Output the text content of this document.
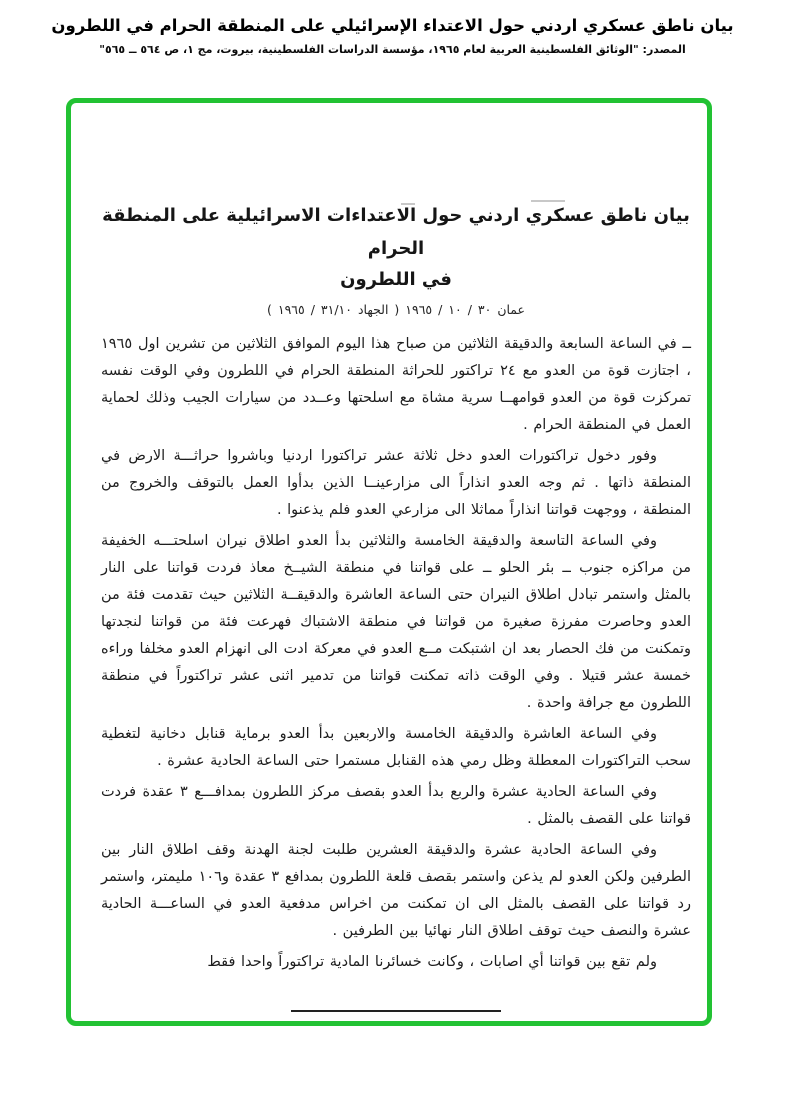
بيان ناطق عسكري اردني حول الاعتداء الإسرائيلي على المنطقة الحرام في اللطرون
المصدر: "الوثائق الفلسطينية العربية لعام ١٩٦٥، مؤسسة الدراسات الفلسطينية، بيروت، مج ١، ص ٥٦٤ ــ ٥٦٥"
بيان ناطق عسكري اردني حول الاعتداءات الاسرائيلية على المنطقة الحرام
في اللطرون
عمان ٣٠ / ١٠ / ١٩٦٥ ( الجهاد ٣١/١٠ / ١٩٦٥ )

ــ في الساعة السابعة والدقيقة الثلاثين من صباح هذا اليوم الموافق الثلاثين من تشرين اول ١٩٦٥ ، اجتازت قوة من العدو مع ٢٤ تراكتور للحراثة المنطقة الحرام في اللطرون وفي الوقت نفسه تمركزت قوة من العدو قوامهــا سرية مشاة مع اسلحتها وعــدد من سيارات الجيب وذلك لحماية العمل في المنطقة الحرام .

وفور دخول تراكتورات العدو دخل ثلاثة عشر تراكتورا اردنيا وباشروا حراثـــة الارض في المنطقة ذاتها . ثم وجه العدو انذاراً الى مزارعينــا الذين بدأوا العمل بالتوقف والخروج من المنطقة ، ووجهت قواتنا انذاراً مماثلا الى مزارعي العدو فلم يذعنوا .

وفي الساعة التاسعة والدقيقة الخامسة والثلاثين بدأ العدو اطلاق نيران اسلحتـــه الخفيفة من مراكزه جنوب ــ بئر الحلو ــ على قواتنا في منطقة الشيــخ معاذ فردت قواتنا على النار بالمثل واستمر تبادل اطلاق النيران حتى الساعة العاشرة والدقيقــة الثلاثين حيث تقدمت فئة من العدو وحاصرت مفرزة صغيرة من قواتنا في منطقة الاشتباك فهرعت فئة من قواتنا لنجدتها وتمكنت من فك الحصار بعد ان اشتبكت مــع العدو في معركة ادت الى انهزام العدو مخلفا وراءه خمسة عشر قتيلا . وفي الوقت ذاته تمكنت قواتنا من تدمير اثنى عشر تراكتوراً في منطقة اللطرون مع جرافة واحدة .

وفي الساعة العاشرة والدقيقة الخامسة والاربعين بدأ العدو برماية قنابل دخانية لتغطية سحب التراكتورات المعطلة وظل رمي هذه القنابل مستمرا حتى الساعة الحادية عشرة .

وفي الساعة الحادية عشرة والربع بدأ العدو بقصف مركز اللطرون بمدافـــع ٣ عقدة فردت قواتنا على القصف بالمثل .

وفي الساعة الحادية عشرة والدقيقة العشرين طلبت لجنة الهدنة وقف اطلاق النار بين الطرفين ولكن العدو لم يذعن واستمر بقصف قلعة اللطرون بمدافع ٣ عقدة و١٠٦ مليمتر، واستمر رد قواتنا على القصف بالمثل الى ان تمكنت من اخراس مدفعية العدو في الساعـــة الحادية عشرة والنصف حيث توقف اطلاق النار نهائيا بين الطرفين .

ولم تقع بين قواتنا أي اصابات ، وكانت خسائرنا المادية تراكتوراً واحدا فقط
